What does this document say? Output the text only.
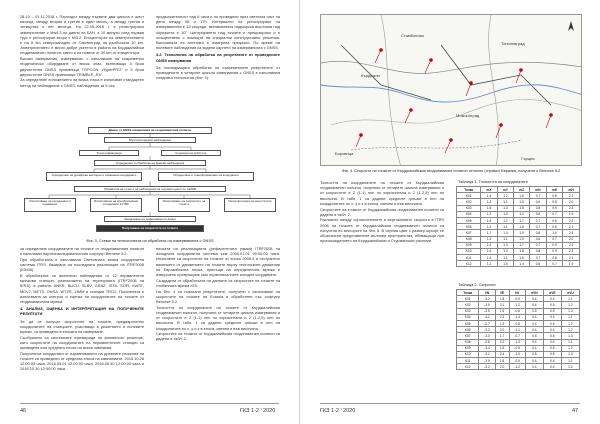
28.10 – 01.11.2018 г. Периодът между първите два цикъла е шест месеца, между втория и третия е един месец, а между третия и четвъртия е пет месеца. На 22.05.2018 г. е регистрирано земетресение с Mw4.3 по данни на БАН, а 10 минути след първия трус е регистриран втори с Ml3.2. Епицентърът на земетресението е на 8 km северозападно от Свиленград на дълбочина 10 km. Земетресението е много добре усетено в района на Кърджалийски геодинамичен полигон, както и на повече от 30 km от епицентъра.

Всички измервания, измервания, с използване на съвременно геодезическо оборудване от висок клас, включващо 4 броя двучестотни GNSS приемници TOPCON „HyperPRO“ и 5 броя двучестотни GNSS приемници TRIMBLE „R4“.

За определяне положението на всяка точка е използван стандартен метод на наблюдение с GNSS, наблюдения за 5 сек.

продължителност над 6 часа и по проведени през светлата част на деня между 08 и 17h. Интервалът на регистриране на измерванията е 15 секунди, минималната надморска височина над хоризонта е 10°. Центрирането над точките е прецизирано и е осъществено с помощта на специални конструктивни решения. Височината на антената е измерена прецизно. По време на полевите наблюдения са водени карнети на измерванията с GNSS.

3.2. Технология на обработка на резултатите от проведените GNSS измервания

За последващата обработка на съвременните резултатите от проведените в четирите цикъла измервания с GNSS е използвана следната технология (Фиг. 3):

Данни от GNSS измервания на геодинамичния полигон
Мултиплицирани наблюдения
Точни ефемериди	Корекции на орбитите
Определяне и обработка на фазови наблюдения
Определяне на дрейфови векторни и изравнени координати	Определяне и трансформиране на координати
Обработка на точки и на наблюдения за текущия цикъл по АНЮВ
Изчисляване на координати и изравнени
Изчисляване на преобразувани координати в ITRF
Изчисляване на скоростите на точките
Интерпретация на резултатите
Закодиране на деформацията данни
Получаване на скоростите на точките
Фиг. 3. Схема на технологията на обработка на измерванията с GNSS

за определяне координатите на точките от геодинамичния полигон е използван научноизследователския софтуер Bernese 5.2.

При обработката е използвана Световната земна координатна система ITRS, базирана на последната реализация на ITRF2008 (IGb08).

В обработката са включени наблюдения от 12 перманентни мрежови станции, разположени на територията (ITRF2008 на IERS), в района: ANKR, BUCU, SLBV, GRAZ, ISTA, SOFI, MATE, MDVJ, METS, ONSA, WTZR, ZIMM и станция TRO1. Посочената е използвана за контрол и оценка на координатите на точките от геодинамичната мрежа.

4. АНАЛИЗ, ОЦЕНКА И ИНТЕРПРЕТАЦИЯ НА ПОЛУЧЕНИТЕ РЕЗУЛТАТИ

За да се получат скоростите на точките, предварително координатите на станциите, участващи в решението и полевите мрежи, са приведени в епохата на измерване.

Съобразено са системните ефемериди на финалното решение, като скоростите на координатите на перманентните станции са приведени към средната епоха на всеки кампания.

Получените координати от изравняването на дневните решения на точките са приведени от средната епоха на кампаниите: 2015.10.28 12:00:00 часа, 2016.05.01 12:00:00 часа, 2016.05.30 12:00:00 часа и 2016.10.30 12:00:00 часа.

епохата на реализацията (референтната рамка) ITRF2008 на изходната координатна система към 2005.01.01 00:00:00 часа. Изчислени са скоростите на точките от епоха 2005.0 и отстранено влиянието от движението на точките върху тектонските движения на Евразийската плоча, присъщи на определената мрежа е извършено превръщане към първоначалните изходни координати.

Създадени от обработката на данните са скоростите на точките на глобалната мрежа IGS.

На Фиг. 4 са показани резултатите, получени с използване на скоростите на точките на Eurasia и обработени със софтуер Bernese 5.2.

Точността на координатите на точките от Кърджалийския геодинамичен полигон, получени от четирите цикъла измервания и от скоростите е 2 (1-1) mm по хоризонтала и 2 (1-2,5) mm по височина. В табл. 1 са дадени средните грешки в mm на координатите по x, y и z в епоха, овеяни и във височина.

Скоростите на точките от Кърджалийския геодинамичен полигон са дадени в табл. 2.

46	ГКЗ 1-2 ' 2020
Кърджали
Момчилград
Гърция
Тополовград
Стамболово
Боровица
Фиг. 4. Скорости на точките от Кърджалийския геодинамичен полигон относно (спрямо) Евразия, получени с Bernese 5.2
Таблица 1. Точността на координатите
Точка	mX	mY	mZ	mN	mE	mH
K01	1.4	1.2	1.6	0.7	0.8	2.1
K02	1.3	1.1	1.5	0.6	0.8	2.0
K03	1.6	1.3	1.8	0.8	0.9	2.3
K04	1.2	1.0	1.4	0.6	0.7	1.9
K05	1.5	1.2	1.7	0.7	0.8	2.2
K06	1.4	1.1	1.6	0.7	0.8	2.1
K07	1.7	1.4	1.9	0.8	1.0	2.4
K08	1.3	1.1	1.5	0.6	0.7	2.0
K09	1.5	1.3	1.7	0.7	0.9	2.2
K10	1.6	1.2	1.8	0.8	0.9	2.3
K11	1.4	1.1	1.6	0.7	0.8	2.1
K12	1.2	1.0	1.4	0.6	0.7	1.9
Таблица 2. Скорости
Точка	VN	VE	VU	σVN	σVE	σVU
K01	-3.2	1.8	-0.9	0.4	0.4	1.1
K02	-2.9	2.1	-1.2	0.4	0.5	1.2
K03	-3.5	1.6	-0.6	0.5	0.5	1.3
K04	-3.1	2.3	-1.4	0.4	0.4	1.1
K05	-2.7	1.9	-0.8	0.4	0.5	1.2
K06	-3.3	2.0	-1.1	0.4	0.4	1.2
K07	-3.0	1.7	-0.7	0.5	0.5	1.3
K08	-2.8	2.2	-1.3	0.4	0.4	1.1
K09	-3.4	1.5	-0.5	0.4	0.5	1.2
K10	-3.1	2.4	-1.0	0.5	0.5	1.3
K11	-2.9	1.8	-0.9	0.4	0.4	1.1
K12	-3.2	2.0	-1.2	0.4	0.4	1.2

Точността на координатите на точките от Кърджалийския геодинамичен полигон, получени от четирите цикъла измервания и от скоростите е 2 (1-1) mm по хоризонтала и 2 (1-2,5) mm по височина. В табл. 1 са дадени средните грешки в mm на координатите по x, y и z в епоха, овеяни и във височина.

Скоростите на точките от Кърджалийския геодинамичен полигон са дадени в табл. 2.

Разликите между хоризонталните и вертикалните скорости в ITRS 2008 на точките от Кърджалийския геодинамичен полигон са получени по векторите на Фиг. 5. В черния цвят с размер шрифт се обозначени представените вълнови пространства, обхващащи при произхождението на Кърджалийския и Стурманския разломи.

ГКЗ 1-2 ' 2020	47
